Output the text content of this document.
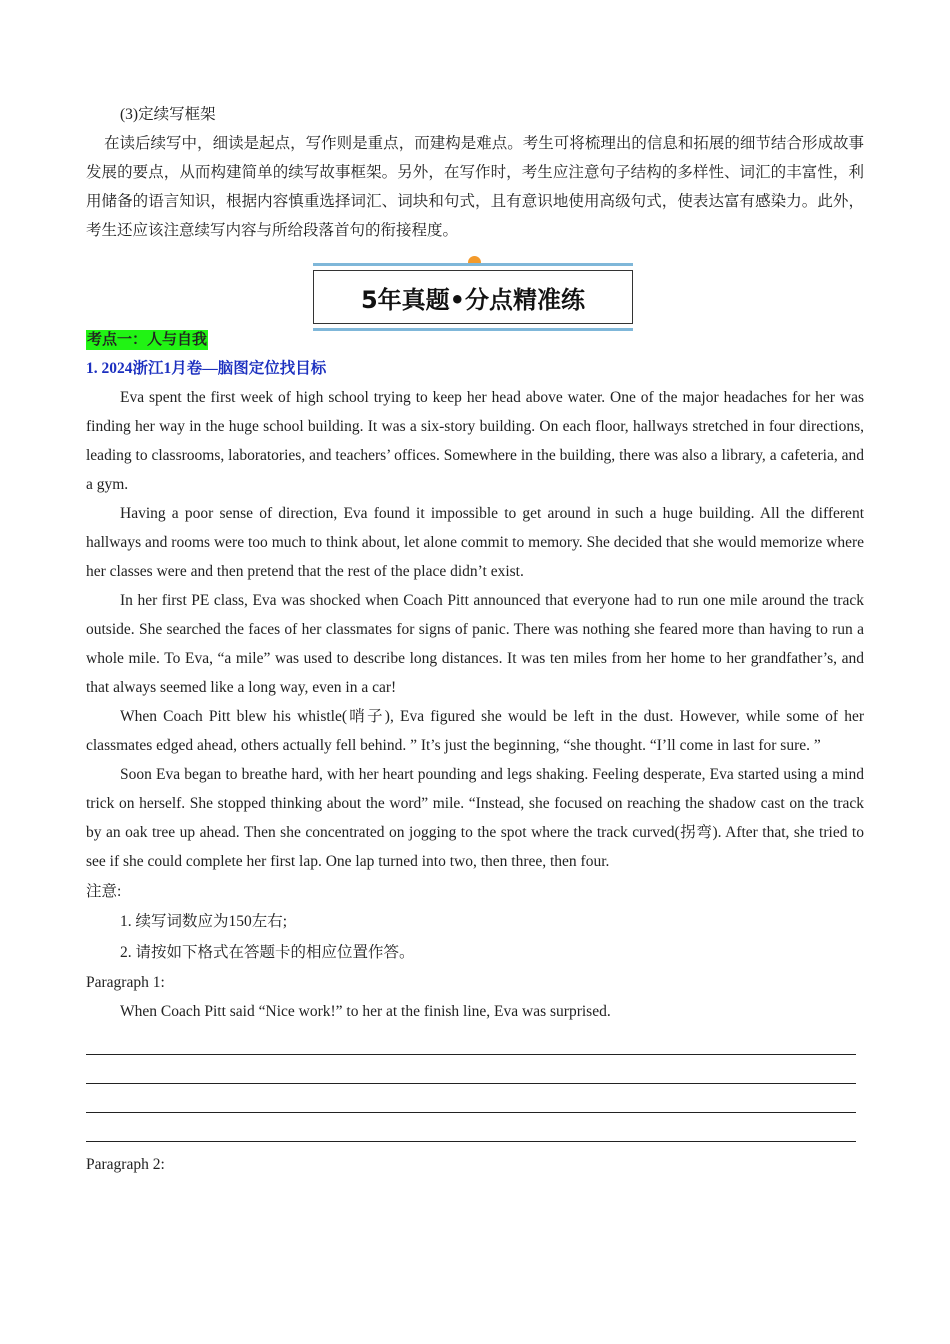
(3)定续写框架

在读后续写中，细读是起点，写作则是重点，而建构是难点。考生可将梳理出的信息和拓展的细节结合形成故事发展的要点，从而构建简单的续写故事框架。另外，在写作时，考生应注意句子结构的多样性、词汇的丰富性，利用储备的语言知识，根据内容慎重选择词汇、词块和句式，且有意识地使用高级句式，使表达富有感染力。此外，考生还应该注意续写内容与所给段落首句的衔接程度。

5年真题•分点精准练
考点一：人与自我
1. 2024浙江1月卷—脑图定位找目标

Eva spent the first week of high school trying to keep her head above water. One of the major headaches for her was finding her way in the huge school building. It was a six-story building. On each floor, hallways stretched in four directions, leading to classrooms, laboratories, and teachers’ offices. Somewhere in the building, there was also a library, a cafeteria, and a gym.

Having a poor sense of direction, Eva found it impossible to get around in such a huge building. All the different hallways and rooms were too much to think about, let alone commit to memory. She decided that she would memorize where her classes were and then pretend that the rest of the place didn’t exist.

In her first PE class, Eva was shocked when Coach Pitt announced that everyone had to run one mile around the track outside. She searched the faces of her classmates for signs of panic. There was nothing she feared more than having to run a whole mile. To Eva, “a mile” was used to describe long distances. It was ten miles from her home to her grandfather’s, and that always seemed like a long way, even in a car!

When Coach Pitt blew his whistle(哨子), Eva figured she would be left in the dust. However, while some of her classmates edged ahead, others actually fell behind. ” It’s just the beginning, “she thought. “I’ll come in last for sure. ”

Soon Eva began to breathe hard, with her heart pounding and legs shaking. Feeling desperate, Eva started using a mind trick on herself. She stopped thinking about the word” mile. “Instead, she focused on reaching the shadow cast on the track by an oak tree up ahead. Then she concentrated on jogging to the spot where the track curved(拐弯). After that, she tried to see if she could complete her first lap. One lap turned into two, then three, then four.

注意:

1. 续写词数应为150左右;

2. 请按如下格式在答题卡的相应位置作答。

Paragraph 1:

When Coach Pitt said “Nice work!” to her at the finish line, Eva was surprised.

Paragraph 2:
